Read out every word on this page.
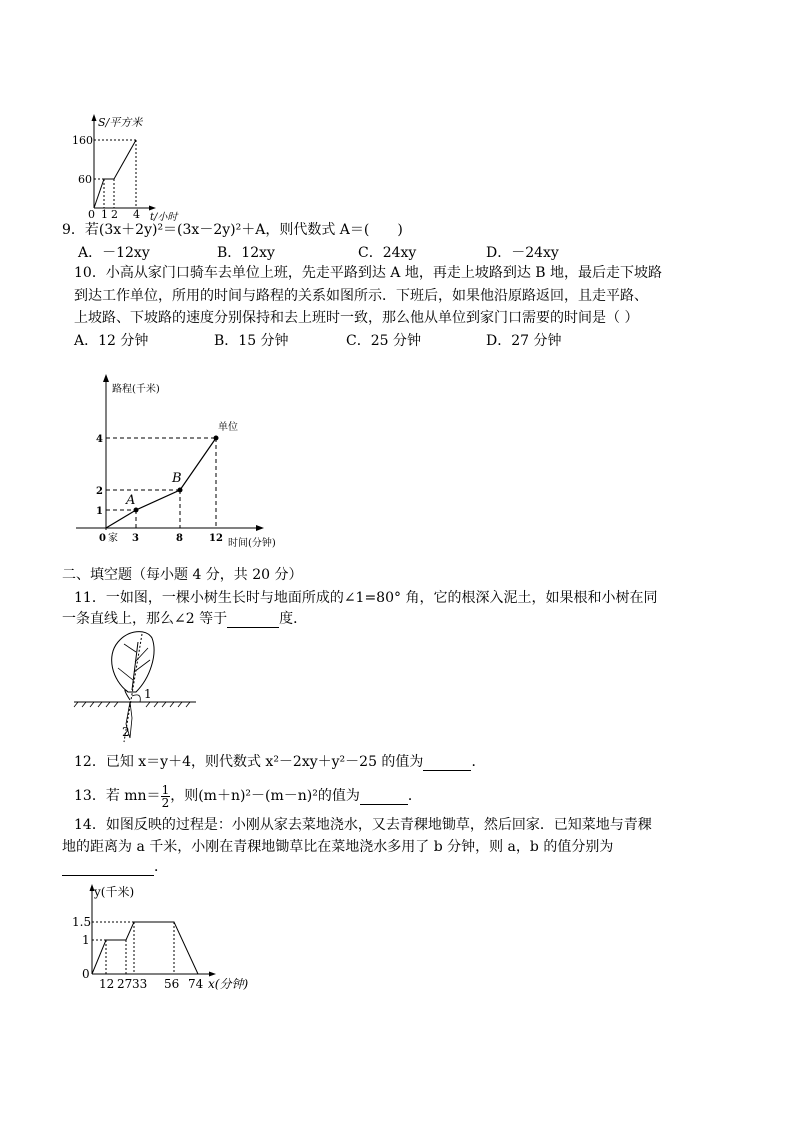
S/平方米
160
60
0 1 2 4 t/小时
9．若(3x＋2y)²＝(3x－2y)²＋A，则代数式 A＝(　　)
A．－12xy	B．12xy	C．24xy	D．－24xy
10．小高从家门口骑车去单位上班，先走平路到达 A 地，再走上坡路到达 B 地，最后走下坡路
到达工作单位，所用的时间与路程的关系如图所示．下班后，如果他沿原路返回，且走平路、
上坡路、下坡路的速度分别保持和去上班时一致，那么他从单位到家门口需要的时间是（ ）
A．12 分钟	B．15 分钟	C．25 分钟	D．27 分钟
路程(千米)
4
2
1
0 家 3	8	12 时间(分钟)
A
B
单位
二、填空题（每小题 4 分，共 20 分）
11．一如图，一棵小树生长时与地面所成的∠1=80° 角，它的根深入泥土，如果根和小树在同
一条直线上，那么∠2 等于	度．
1
2
12．已知 x＝y＋4，则代数式 x²－2xy＋y²－25 的值为	．
13．若 $mn= \frac{1}{2}$ ，则(m＋n)²－(m－n)²的值为	．
14．如图反映的过程是：小刚从家去菜地浇水，又去青稞地锄草，然后回家．已知菜地与青稞
地的距离为 a 千米，小刚在青稞地锄草比在菜地浇水多用了 b 分钟，则 a，b 的值分别为
．
y(千米)
1.5
1
0
12 27 33 56 74 x(分钟)
